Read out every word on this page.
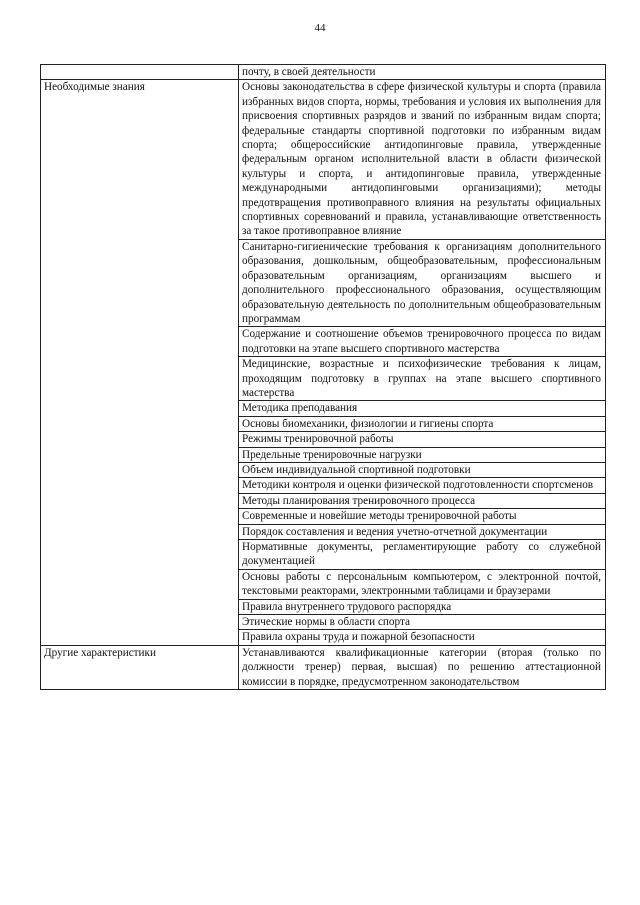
44
	почту, в своей деятельности
Необходимые знания	Основы законодательства в сфере физической культуры и спорта (правила избранных видов спорта, нормы, требования и условия их выполнения для присвоения спортивных разрядов и званий по избранным видам спорта; федеральные стандарты спортивной подготовки по избранным видам спорта; общероссийские антидопинговые правила, утвержденные федеральным органом исполнительной власти в области физической культуры и спорта, и антидопинговые правила, утвержденные международными антидопинговыми организациями); методы предотвращения противоправного влияния на результаты официальных спортивных соревнований и правила, устанавливающие ответственность за такое противоправное влияние
	Санитарно-гигиенические требования к организациям дополнительного образования, дошкольным, общеобразовательным, профессиональным образовательным организациям, организациям высшего и дополнительного профессионального образования, осуществляющим образовательную деятельность по дополнительным общеобразовательным программам
	Содержание и соотношение объемов тренировочного процесса по видам подготовки на этапе высшего спортивного мастерства
	Медицинские, возрастные и психофизические требования к лицам, проходящим подготовку в группах на этапе высшего спортивного мастерства
	Методика преподавания
	Основы биомеханики, физиологии и гигиены спорта
	Режимы тренировочной работы
	Предельные тренировочные нагрузки
	Объем индивидуальной спортивной подготовки
	Методики контроля и оценки физической подготовленности спортсменов
	Методы планирования тренировочного процесса
	Современные и новейшие методы тренировочной работы
	Порядок составления и ведения учетно-отчетной документации
	Нормативные документы, регламентирующие работу со служебной документацией
	Основы работы с персональным компьютером, с электронной почтой, текстовыми реакторами, электронными таблицами и браузерами
	Правила внутреннего трудового распорядка
	Этические нормы в области спорта
	Правила охраны труда и пожарной безопасности
Другие характеристики	Устанавливаются квалификационные категории (вторая (только по должности тренер) первая, высшая) по решению аттестационной комиссии в порядке, предусмотренном законодательством
